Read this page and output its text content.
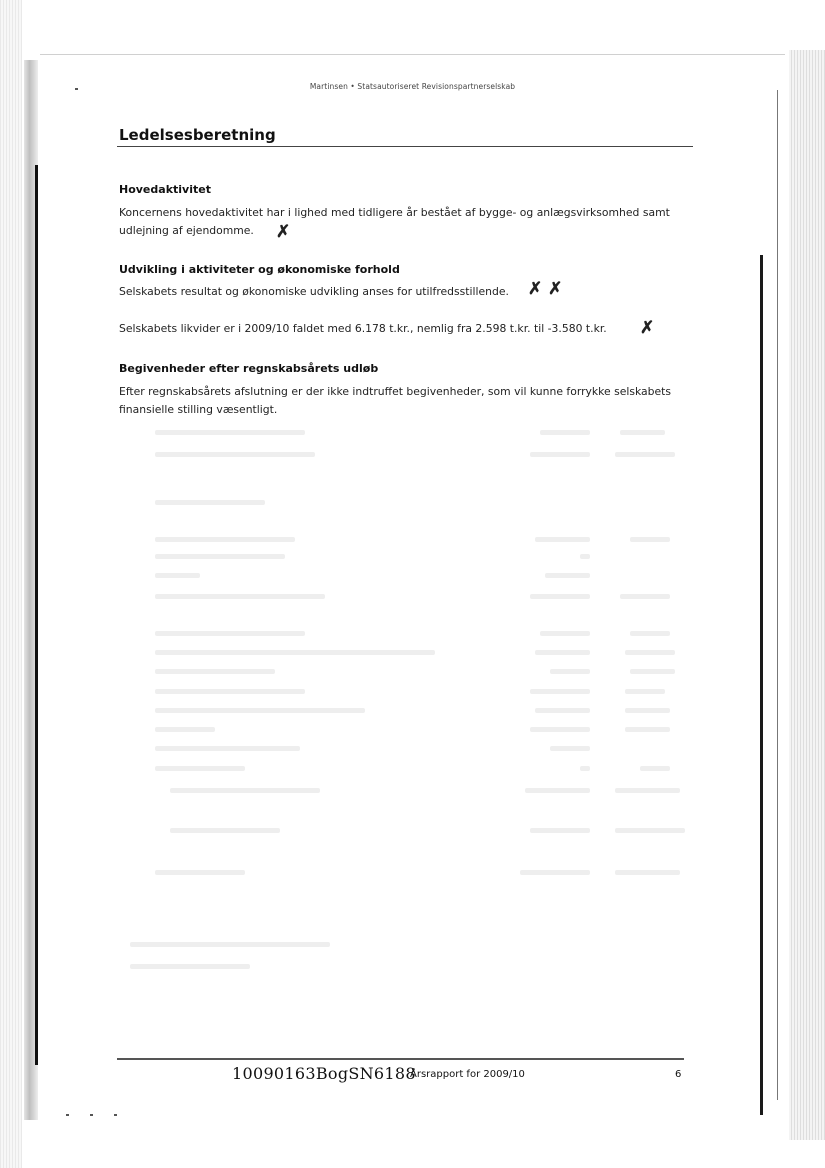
Martinsen • Statsautoriseret Revisionspartnerselskab
Ledelsesberetning
Hovedaktivitet

Koncernens hovedaktivitet har i lighed med tidligere år bestået af bygge- og anlægsvirksomhed samt

udlejning af ejendomme. ✗
Udvikling i aktiviteter og økonomiske forhold

Selskabets resultat og økonomiske udvikling anses for utilfredsstillende. ✗ ✗

Selskabets likvider er i 2009/10 faldet med 6.178 t.kr., nemlig fra 2.598 t.kr. til -3.580 t.kr. ✗
Begivenheder efter regnskabsårets udløb

Efter regnskabsårets afslutning er der ikke indtruffet begivenheder, som vil kunne forrykke selskabets

finansielle stilling væsentligt.

10090163BogSN6188
Årsrapport for 2009/10	6
